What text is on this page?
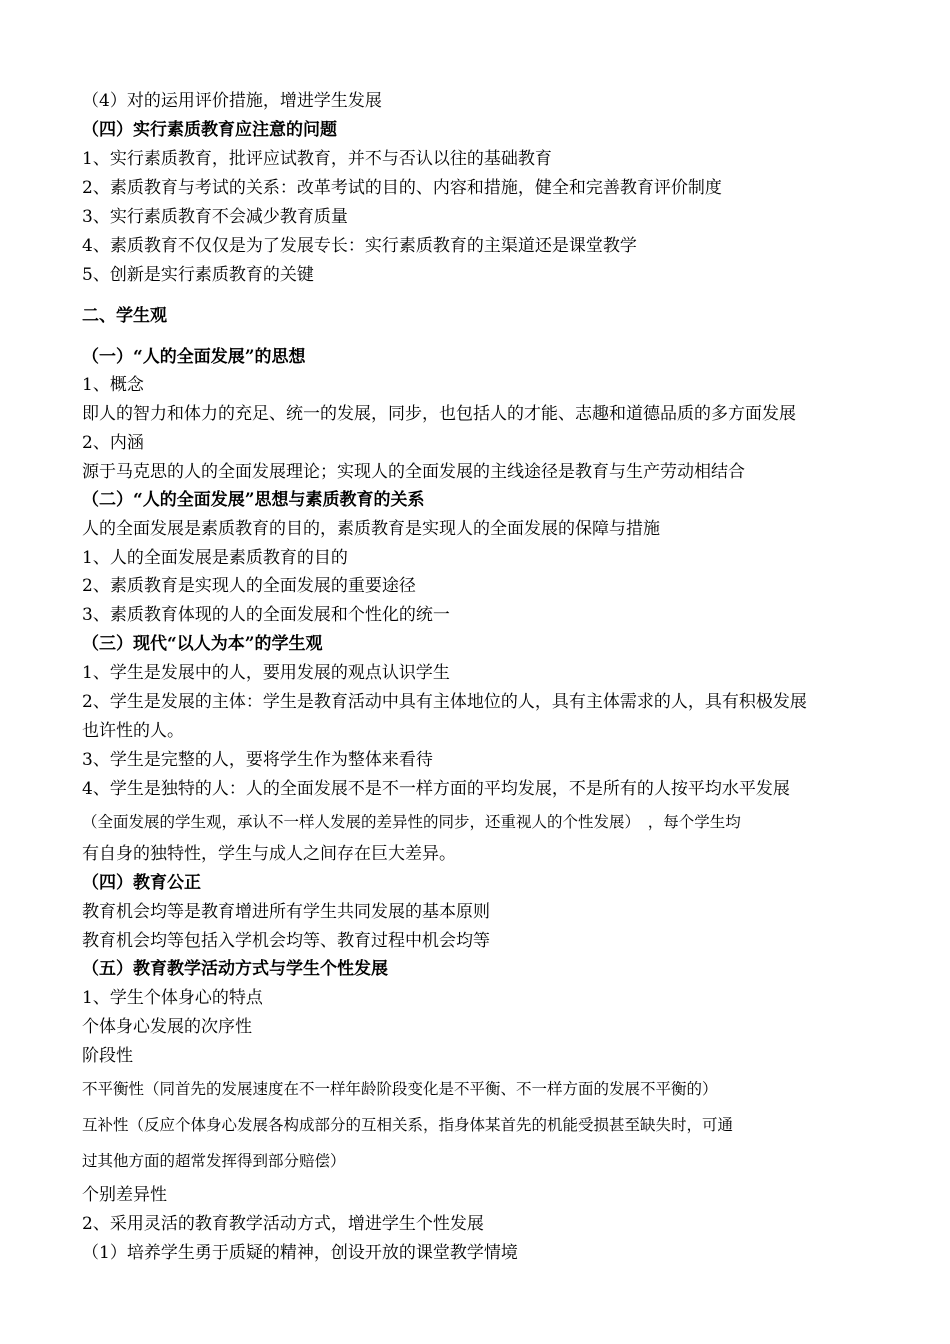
（4）对的运用评价措施，增进学生发展
（四）实行素质教育应注意的问题
1、实行素质教育，批评应试教育，并不与否认以往的基础教育
2、素质教育与考试的关系：改革考试的目的、内容和措施，健全和完善教育评价制度
3、实行素质教育不会减少教育质量
4、素质教育不仅仅是为了发展专长：实行素质教育的主渠道还是课堂教学
5、创新是实行素质教育的关键
二、学生观
（一）“人的全面发展”的思想
1、概念
即人的智力和体力的充足、统一的发展，同步，也包括人的才能、志趣和道德品质的多方面发展
2、内涵
源于马克思的人的全面发展理论；实现人的全面发展的主线途径是教育与生产劳动相结合
（二）“人的全面发展”思想与素质教育的关系
人的全面发展是素质教育的目的，素质教育是实现人的全面发展的保障与措施
1、人的全面发展是素质教育的目的
2、素质教育是实现人的全面发展的重要途径
3、素质教育体现的人的全面发展和个性化的统一
（三）现代“以人为本”的学生观
1、学生是发展中的人，要用发展的观点认识学生
2、学生是发展的主体：学生是教育活动中具有主体地位的人，具有主体需求的人，具有积极发展
也许性的人。
3、学生是完整的人，要将学生作为整体来看待
4、学生是独特的人：人的全面发展不是不一样方面的平均发展，不是所有的人按平均水平发展
（全面发展的学生观，承认不一样人发展的差异性的同步，还重视人的个性发展）　，每个学生均
有自身的独特性，学生与成人之间存在巨大差异。
（四）教育公正
教育机会均等是教育增进所有学生共同发展的基本原则
教育机会均等包括入学机会均等、教育过程中机会均等
（五）教育教学活动方式与学生个性发展
1、学生个体身心的特点
个体身心发展的次序性
阶段性
不平衡性（同首先的发展速度在不一样年龄阶段变化是不平衡、不一样方面的发展不平衡的）
互补性（反应个体身心发展各构成部分的互相关系，指身体某首先的机能受损甚至缺失时，可通
过其他方面的超常发挥得到部分赔偿）
个别差异性
2、采用灵活的教育教学活动方式，增进学生个性发展
（1）培养学生勇于质疑的精神，创设开放的课堂教学情境
